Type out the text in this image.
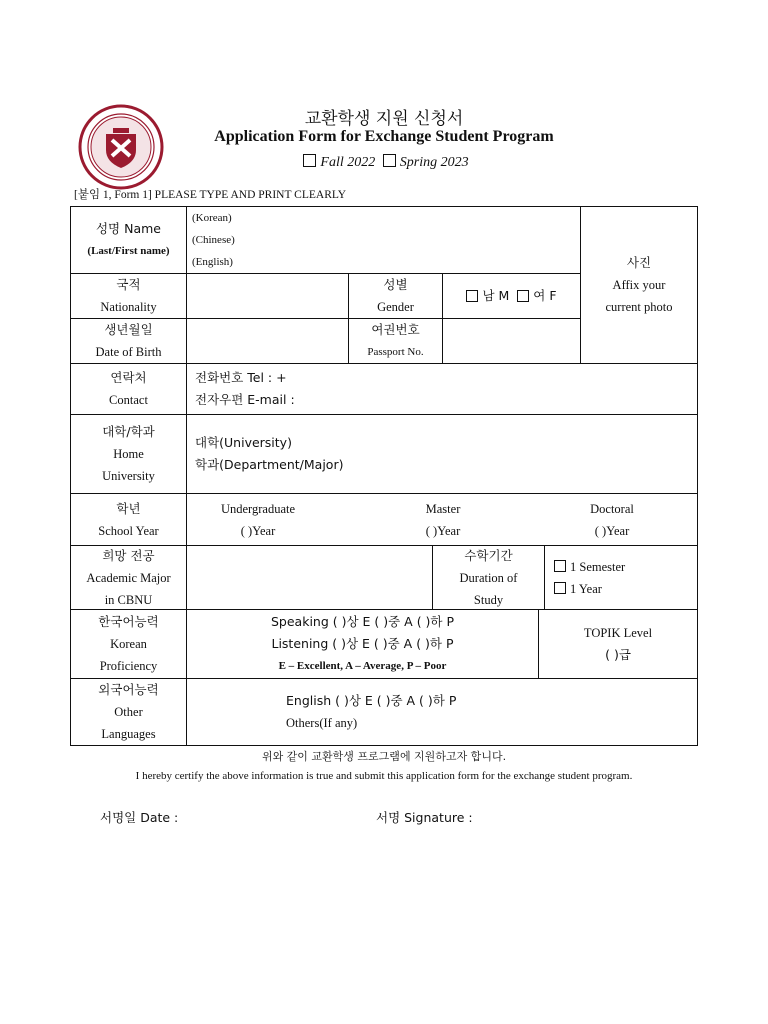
교환학생 지원 신청서
Application Form for Exchange Student Program
Fall 2022 Spring 2023
[붙임 1, Form 1] PLEASE TYPE AND PRINT CLEARLY
성명 Name
(Last/First name)
(Korean)
(Chinese)
(English)	사진
Affix your
current photo
국적
Nationality
성별
Gender
남 M 여 F
생년월일
Date of Birth
여권번호
Passport No.
연락처
Contact
전화번호 Tel : +
전자우편 E-mail :
대학/학과
Home
University
대학(University)
학과(Department/Major)
학년
School Year
Undergraduate
( )Year
Master
( )Year
Doctoral
( )Year
희망 전공
Academic Major
in CBNU
수학기간
Duration of
Study
1 Semester
1 Year
한국어능력
Korean
Proficiency
Speaking ( )상 E ( )중 A ( )하 P
Listening ( )상 E ( )중 A ( )하 P
E – Excellent, A – Average, P – Poor
TOPIK Level
( )급
외국어능력
Other
Languages
English ( )상 E ( )중 A ( )하 P
Others(If any)
위와 같이 교환학생 프로그램에 지원하고자 합니다.
I hereby certify the above information is true and submit this application form for the exchange student program.
서명일 Date :	서명 Signature :
